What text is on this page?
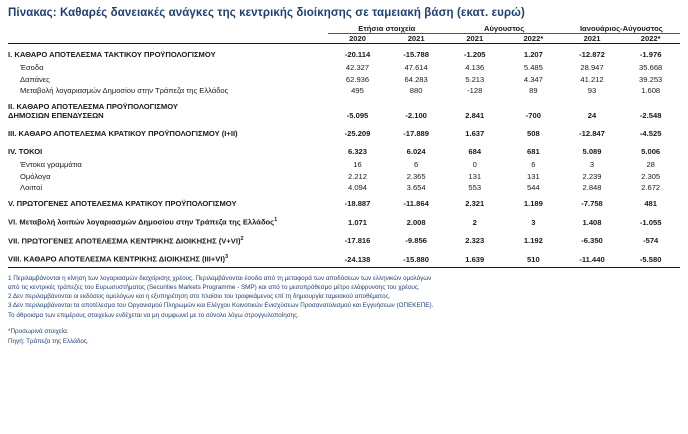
Πίνακας: Καθαρές δανειακές ανάγκες της κεντρικής διοίκησης σε ταμειακή βάση (εκατ. ευρώ)
	Ετήσια στοιχεία		Αύγουστος		Ιανουάριος-Αύγουστος	
	2020	2021	2021	2022*	2021	2022*
I. ΚΑΘΑΡΟ ΑΠΟΤΕΛΕΣΜΑ ΤΑΚΤΙΚΟΥ ΠΡΟΫΠΟΛΟΓΙΣΜΟΥ	-20.114	-15.788	-1.205	1.207	-12.872	-1.976
Έσοδα	42.327	47.614	4.136	5.485	28.947	35.668
Δαπάνες	62.936	64.283	5.213	4.347	41.212	39.253
Μεταβολή λογαριασμών Δημοσίου στην Τράπεζα της Ελλάδος	495	880	-128	89	93	1.608
II. ΚΑΘΑΡΟ ΑΠΟΤΕΛΕΣΜΑ ΠΡΟΫΠΟΛΟΓΙΣΜΟΥ						
ΔΗΜΟΣΙΩΝ ΕΠΕΝΔΥΣΕΩΝ	-5.095	-2.100	2.841	-700	24	-2.548
III. ΚΑΘΑΡΟ ΑΠΟΤΕΛΕΣΜΑ ΚΡΑΤΙΚΟΥ ΠΡΟΫΠΟΛΟΓΙΣΜΟΥ (I+II)	-25.209	-17.889	1.637	508	-12.847	-4.525
IV. ΤΟΚΟΙ	6.323	6.024	684	681	5.089	5.006
Έντοκα γραμμάτια	16	6	0	6	3	28
Ομόλογα	2.212	2.365	131	131	2.239	2.305
Λοιποί	4.094	3.654	553	544	2.848	2.672
V. ΠΡΩΤΟΓΕΝΕΣ ΑΠΟΤΕΛΕΣΜΑ ΚΡΑΤΙΚΟΥ ΠΡΟΫΠΟΛΟΓΙΣΜΟΥ	-18.887	-11.864	2.321	1.189	-7.758	481
VI. Μεταβολή λοιπών λογαριασμών Δημοσίου στην Τράπεζα της Ελλάδος$^1$	1.071	2.008	2	3	1.408	-1.055
VII. ΠΡΩΤΟΓΕΝΕΣ ΑΠΟΤΕΛΕΣΜΑ ΚΕΝΤΡΙΚΗΣ ΔΙΟΙΚΗΣΗΣ $(V+VI)^2$	-17.816	-9.856	2.323	1.192	-6.350	-574
VIII. ΚΑΘΑΡΟ ΑΠΟΤΕΛΕΣΜΑ ΚΕΝΤΡΙΚΗΣ ΔΙΟΙΚΗΣΗΣ $(III+VI)^3$	-24.138	-15.880	1.639	510	-11.440	-5.580

1 Περιλαμβάνονται η κίνηση των λογαριασμών διαχείρισης χρέους. Περιλαμβάνονται έσοδα από τη μεταφορά των αποδόσεων των ελληνικών ομολόγων

από τις κεντρικές τράπεζες του Ευρωσυστήματος (Securities Markets Programme - SMP) και από το μεσοπρόθεσμο μέτρο ελάφρυνσης του χρέους.

2 Δεν περιλαμβάνονται οι εκδόσεις ομολόγων και η εξυπηρέτηση στο πλαίσιο του τραφικάμενος επί τη δημιουργία ταμειακού αποθέματος.

3 Δεν περιλαμβάνονται τα αποτέλεσμα του Οργανισμού Πληρωμών και Ελέγχου Κοινοτικών Ενισχύσεων Προσανατολισμού και Εγγυήσεων (ΟΠΕΚΕΠΕ).

Το άθροισμα των επιμέρους στοιχείων ενδέχεται να μη συμφωνεί με το σύνολο λόγω στρογγυλοποίησης.

*Προσωρινά στοιχεία.
Πηγή: Τράπεζα της Ελλάδος.
